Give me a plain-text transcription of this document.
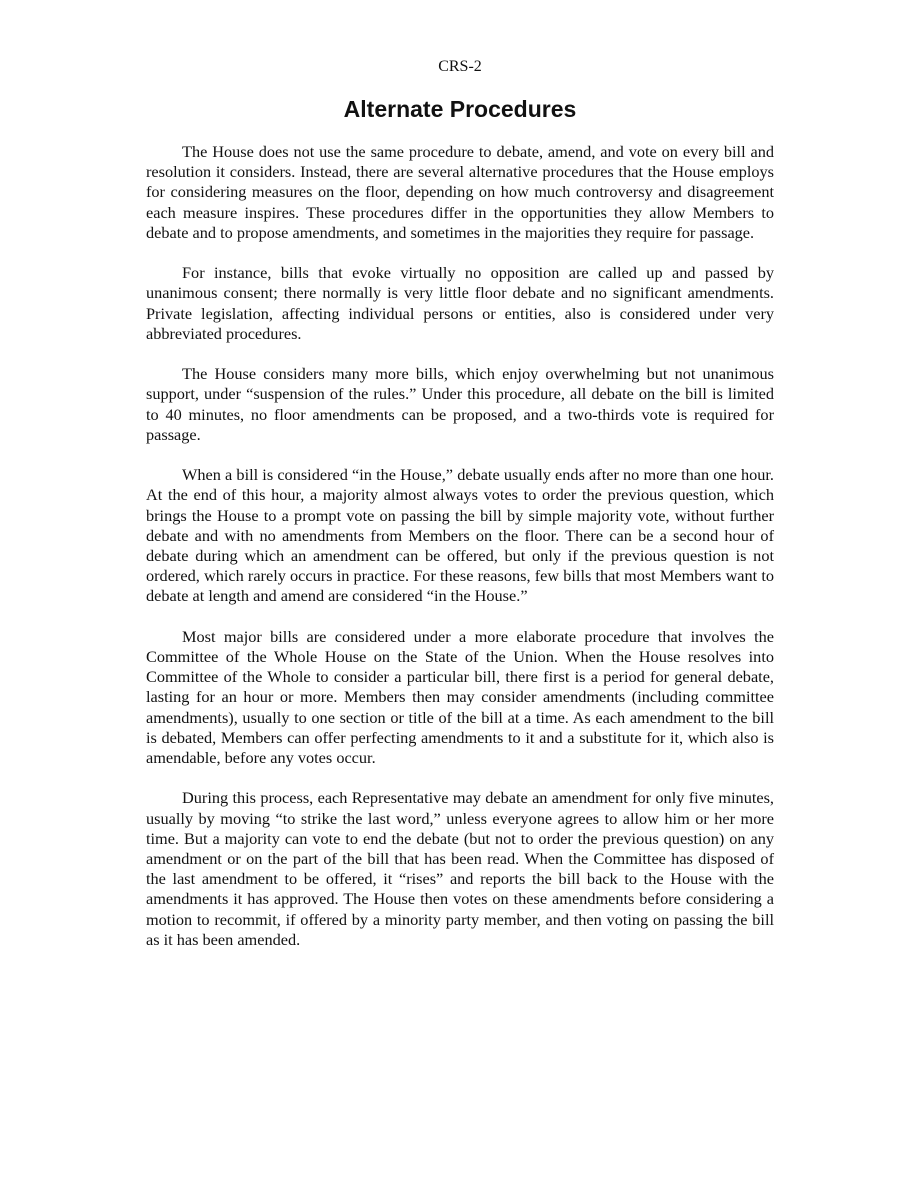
CRS-2
Alternate Procedures

The House does not use the same procedure to debate, amend, and vote on every bill and resolution it considers. Instead, there are several alternative procedures that the House employs for considering measures on the floor, depending on how much controversy and disagreement each measure inspires. These procedures differ in the opportunities they allow Members to debate and to propose amendments, and sometimes in the majorities they require for passage.

For instance, bills that evoke virtually no opposition are called up and passed by unanimous consent; there normally is very little floor debate and no significant amendments. Private legislation, affecting individual persons or entities, also is considered under very abbreviated procedures.

The House considers many more bills, which enjoy overwhelming but not unanimous support, under “suspension of the rules.” Under this procedure, all debate on the bill is limited to 40 minutes, no floor amendments can be proposed, and a two-thirds vote is required for passage.

When a bill is considered “in the House,” debate usually ends after no more than one hour. At the end of this hour, a majority almost always votes to order the previous question, which brings the House to a prompt vote on passing the bill by simple majority vote, without further debate and with no amendments from Members on the floor. There can be a second hour of debate during which an amendment can be offered, but only if the previous question is not ordered, which rarely occurs in practice. For these reasons, few bills that most Members want to debate at length and amend are considered “in the House.”

Most major bills are considered under a more elaborate procedure that involves the Committee of the Whole House on the State of the Union. When the House resolves into Committee of the Whole to consider a particular bill, there first is a period for general debate, lasting for an hour or more. Members then may consider amendments (including committee amendments), usually to one section or title of the bill at a time. As each amendment to the bill is debated, Members can offer perfecting amendments to it and a substitute for it, which also is amendable, before any votes occur.

During this process, each Representative may debate an amendment for only five minutes, usually by moving “to strike the last word,” unless everyone agrees to allow him or her more time. But a majority can vote to end the debate (but not to order the previous question) on any amendment or on the part of the bill that has been read. When the Committee has disposed of the last amendment to be offered, it “rises” and reports the bill back to the House with the amendments it has approved. The House then votes on these amendments before considering a motion to recommit, if offered by a minority party member, and then voting on passing the bill as it has been amended.
